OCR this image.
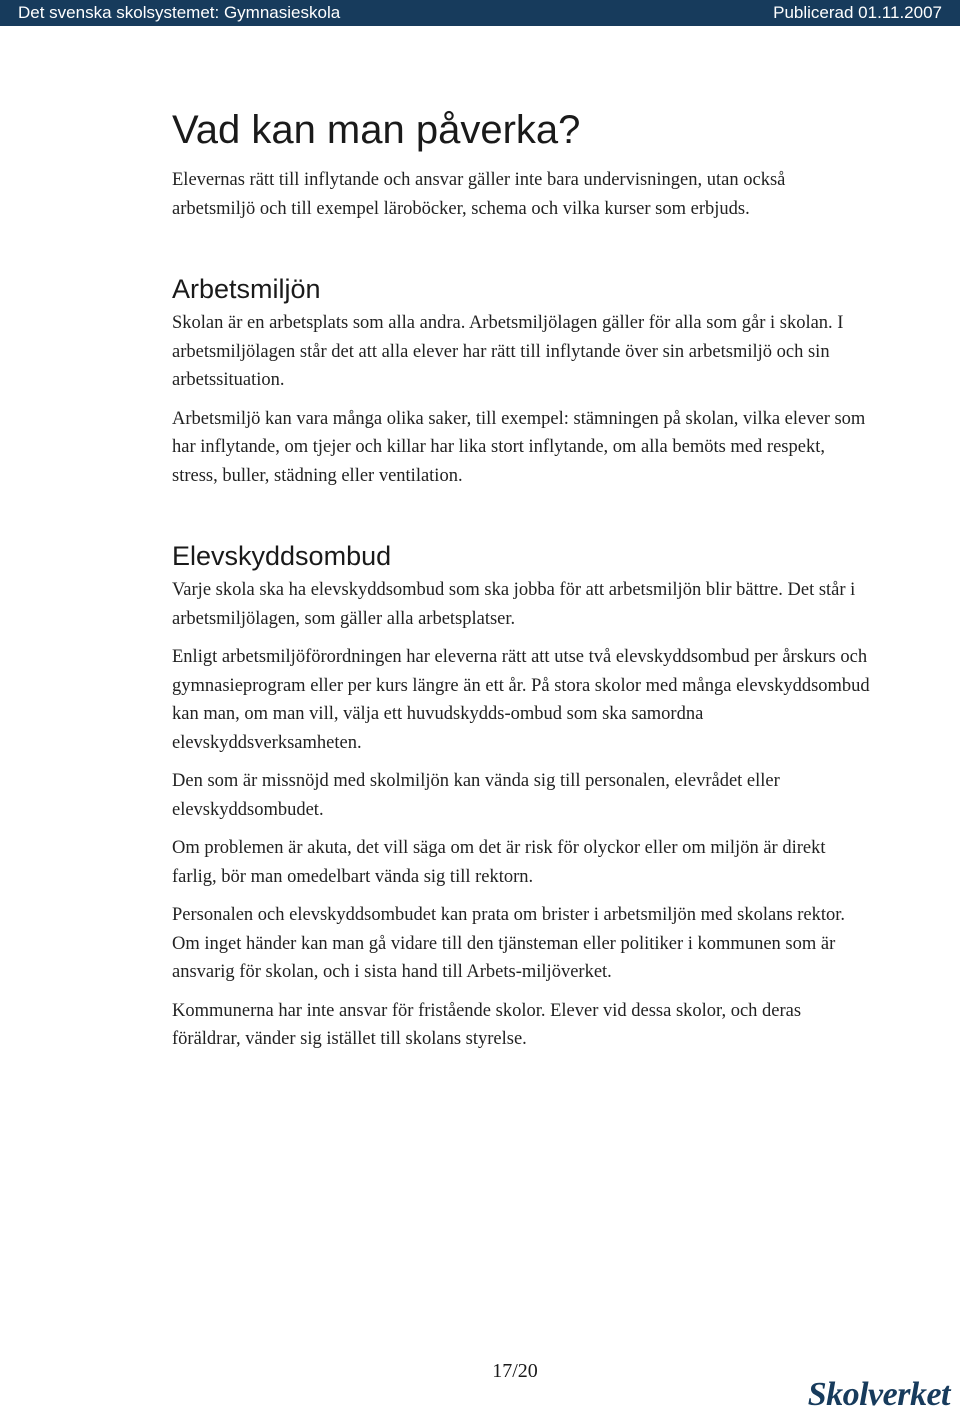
Det svenska skolsystemet: Gymnasieskola	Publicerad 01.11.2007
Vad kan man påverka?

Elevernas rätt till inflytande och ansvar gäller inte bara undervisningen, utan också arbetsmiljö och till exempel läroböcker, schema och vilka kurser som erbjuds.

Arbetsmiljön

Skolan är en arbetsplats som alla andra. Arbetsmiljölagen gäller för alla som går i skolan. I arbetsmiljölagen står det att alla elever har rätt till inflytande över sin arbetsmiljö och sin arbetssituation.

Arbetsmiljö kan vara många olika saker, till exempel: stämningen på skolan, vilka elever som har inflytande, om tjejer och killar har lika stort inflytande, om alla bemöts med respekt, stress, buller, städning eller ventilation.

Elevskyddsombud

Varje skola ska ha elevskyddsombud som ska jobba för att arbetsmiljön blir bättre. Det står i arbetsmiljölagen, som gäller alla arbetsplatser.

Enligt arbetsmiljöförordningen har eleverna rätt att utse två elevskyddsombud per årskurs och gymnasieprogram eller per kurs längre än ett år. På stora skolor med många elevskyddsombud kan man, om man vill, välja ett huvudskydds-ombud som ska samordna elevskyddsverksamheten.

Den som är missnöjd med skolmiljön kan vända sig till personalen, elevrådet eller elevskyddsombudet.

Om problemen är akuta, det vill säga om det är risk för olyckor eller om miljön är direkt farlig, bör man omedelbart vända sig till rektorn.

Personalen och elevskyddsombudet kan prata om brister i arbetsmiljön med skolans rektor. Om inget händer kan man gå vidare till den tjänsteman eller politiker i kommunen som är ansvarig för skolan, och i sista hand till Arbets-miljöverket.

Kommunerna har inte ansvar för fristående skolor. Elever vid dessa skolor, och deras föräldrar, vänder sig istället till skolans styrelse.

17/20
Skolverket
